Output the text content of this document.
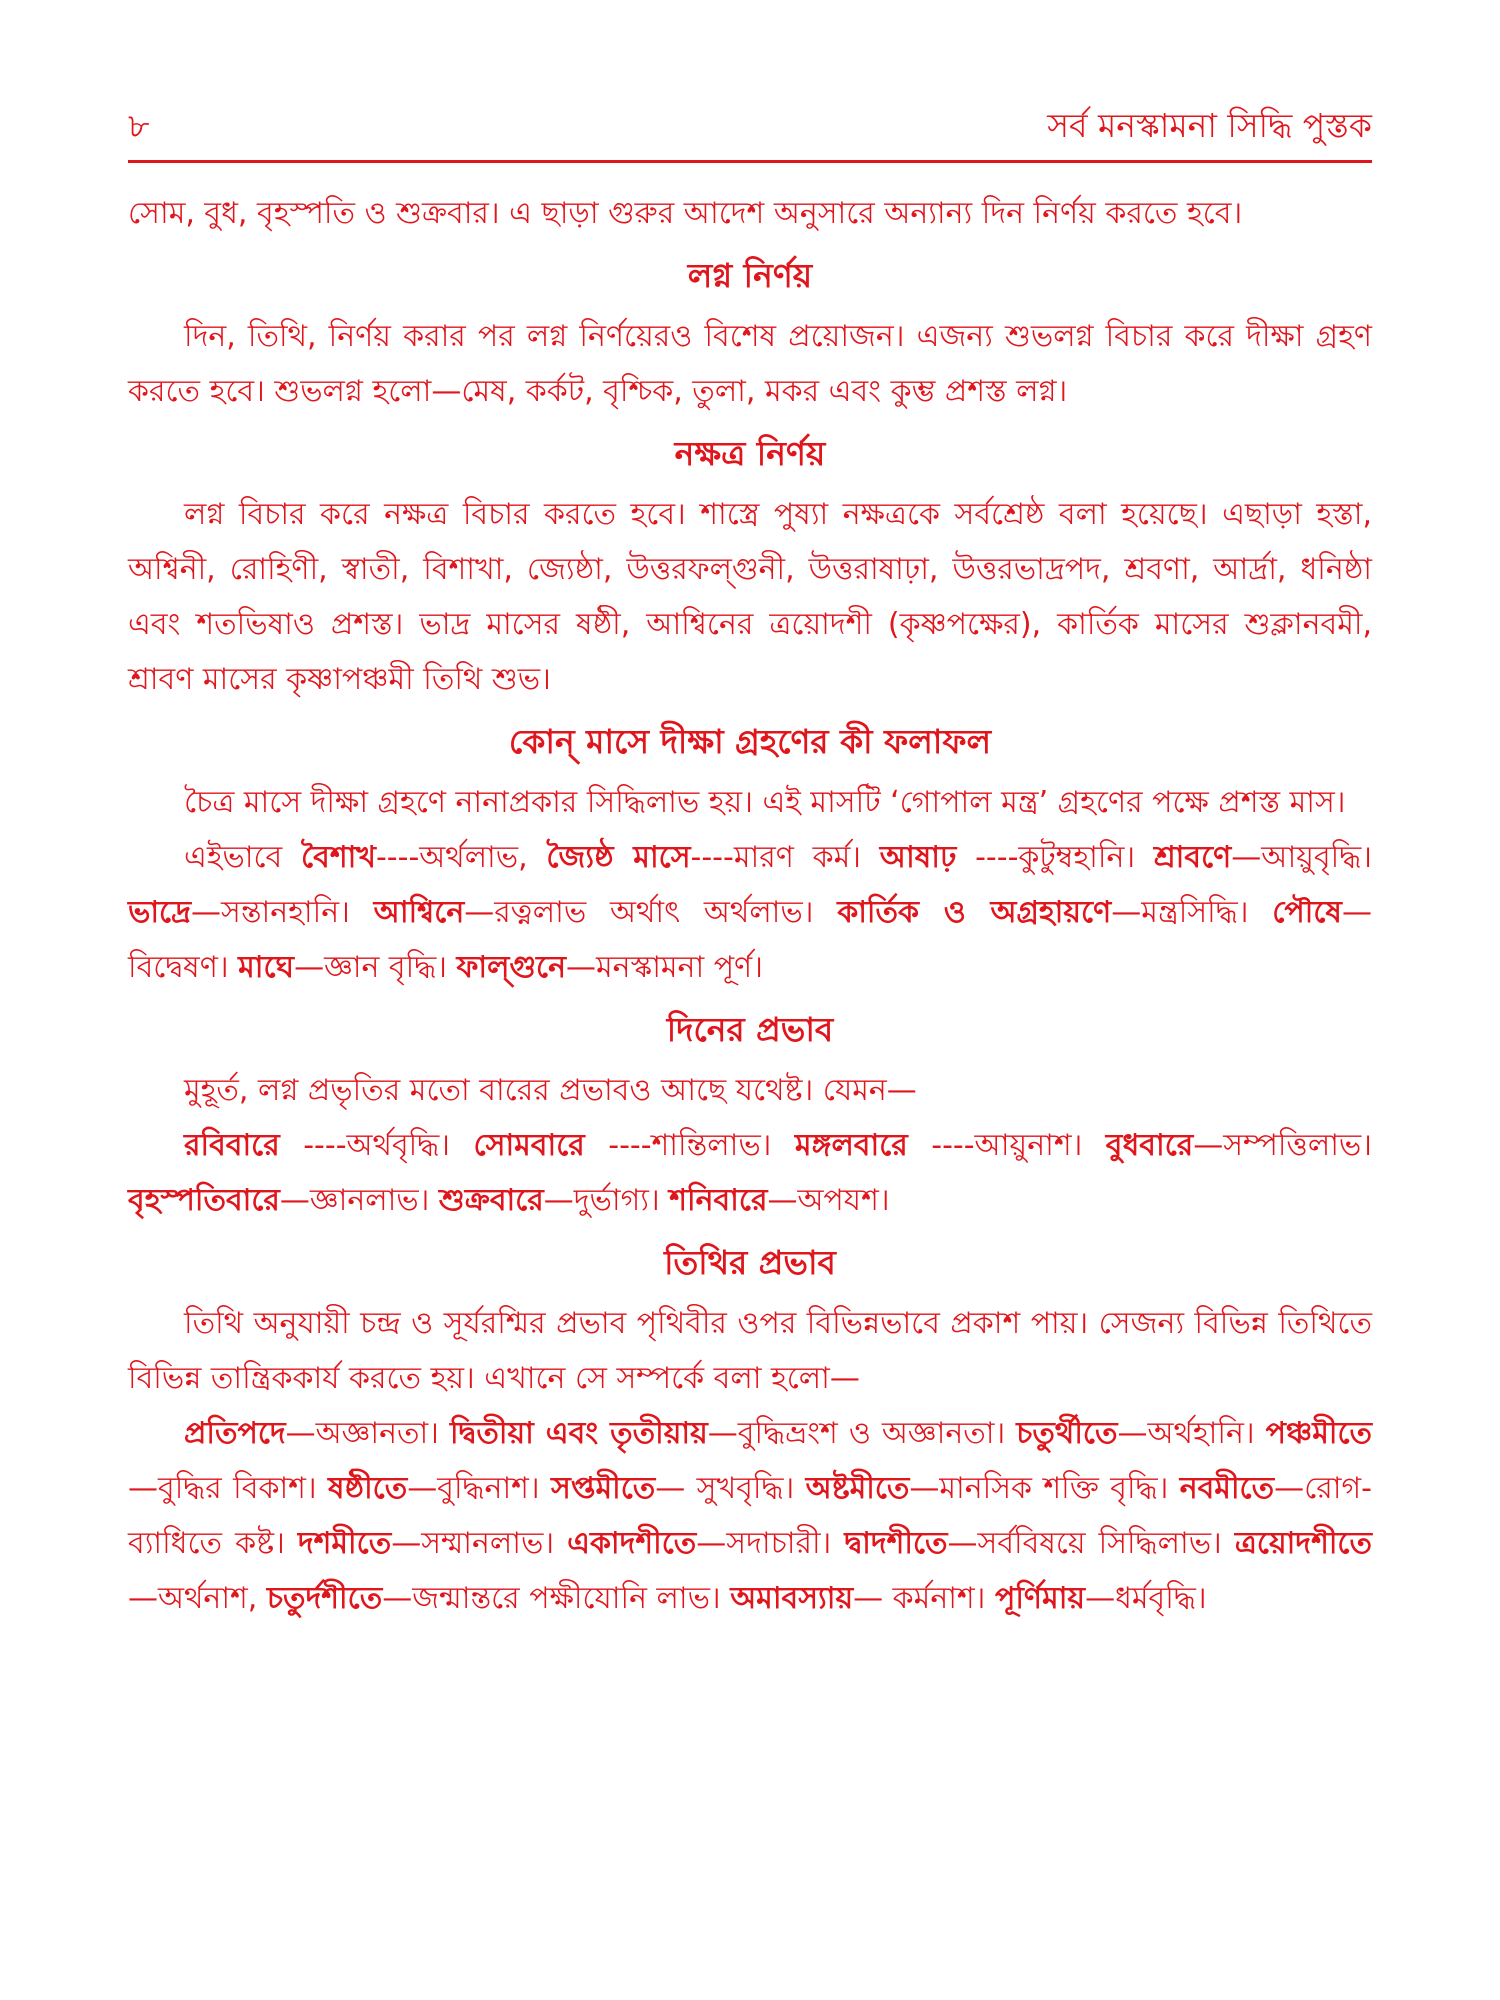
৮	সর্ব মনস্কামনা সিদ্ধি পুস্তক

সোম, বুধ, বৃহস্পতি ও শুক্রবার। এ ছাড়া গুরুর আদেশ অনুসারে অন্যান্য দিন নির্ণয় করতে হবে।

লগ্ন নির্ণয়

দিন, তিথি, নির্ণয় করার পর লগ্ন নির্ণয়েরও বিশেষ প্রয়োজন। এজন্য শুভলগ্ন বিচার করে দীক্ষা গ্রহণ করতে হবে। শুভলগ্ন হলো—মেষ, কর্কট, বৃশ্চিক, তুলা, মকর এবং কুম্ভ প্রশস্ত লগ্ন।

নক্ষত্র নির্ণয়

লগ্ন বিচার করে নক্ষত্র বিচার করতে হবে। শাস্ত্রে পুষ্যা নক্ষত্রকে সর্বশ্রেষ্ঠ বলা হয়েছে। এছাড়া হস্তা, অশ্বিনী, রোহিণী, স্বাতী, বিশাখা, জ্যেষ্ঠা, উত্তরফল্গুনী, উত্তরাষাঢ়া, উত্তরভাদ্রপদ, শ্রবণা, আর্দ্রা, ধনিষ্ঠা এবং শতভিষাও প্রশস্ত। ভাদ্র মাসের ষষ্ঠী, আশ্বিনের ত্রয়োদশী (কৃষ্ণপক্ষের), কার্তিক মাসের শুক্লানবমী, শ্রাবণ মাসের কৃষ্ণাপঞ্চমী তিথি শুভ।

কোন্ মাসে দীক্ষা গ্রহণের কী ফলাফল

চৈত্র মাসে দীক্ষা গ্রহণে নানাপ্রকার সিদ্ধিলাভ হয়। এই মাসটি ‘গোপাল মন্ত্র’ গ্রহণের পক্ষে প্রশস্ত মাস।

এইভাবে বৈশাখ----অর্থলাভ, জ্যৈষ্ঠ মাসে----মারণ কর্ম। আষাঢ় ----কুটুম্বহানি। শ্রাবণে—আয়ুবৃদ্ধি। ভাদ্রে—সন্তানহানি। আশ্বিনে—রত্নলাভ অর্থাৎ অর্থলাভ। কার্তিক ও অগ্রহায়ণে—মন্ত্রসিদ্ধি। পৌষে—বিদ্বেষণ। মাঘে—জ্ঞান বৃদ্ধি। ফাল্গুনে—মনস্কামনা পূর্ণ।

দিনের প্রভাব

মুহূর্ত, লগ্ন প্রভৃতির মতো বারের প্রভাবও আছে যথেষ্ট। যেমন—

রবিবারে ----অর্থবৃদ্ধি। সোমবারে ----শান্তিলাভ। মঙ্গলবারে ----আয়ুনাশ। বুধবারে—সম্পত্তিলাভ। বৃহস্পতিবারে—জ্ঞানলাভ। শুক্রবারে—দুর্ভাগ্য। শনিবারে—অপযশ।

তিথির প্রভাব

তিথি অনুযায়ী চন্দ্র ও সূর্যরশ্মির প্রভাব পৃথিবীর ওপর বিভিন্নভাবে প্রকাশ পায়। সেজন্য বিভিন্ন তিথিতে বিভিন্ন তান্ত্রিককার্য করতে হয়। এখানে সে সম্পর্কে বলা হলো—

প্রতিপদে—অজ্ঞানতা। দ্বিতীয়া এবং তৃতীয়ায়—বুদ্ধিভ্রংশ ও অজ্ঞানতা। চতুর্থীতে—অর্থহানি। পঞ্চমীতে—বুদ্ধির বিকাশ। ষষ্ঠীতে—বুদ্ধিনাশ। সপ্তমীতে— সুখবৃদ্ধি। অষ্টমীতে—মানসিক শক্তি বৃদ্ধি। নবমীতে—রোগ-ব্যাধিতে কষ্ট। দশমীতে—সম্মানলাভ। একাদশীতে—সদাচারী। দ্বাদশীতে—সর্ববিষয়ে সিদ্ধিলাভ। ত্রয়োদশীতে—অর্থনাশ, চতুর্দশীতে—জন্মান্তরে পক্ষীযোনি লাভ। অমাবস্যায়— কর্মনাশ। পূর্ণিমায়—ধর্মবৃদ্ধি।
